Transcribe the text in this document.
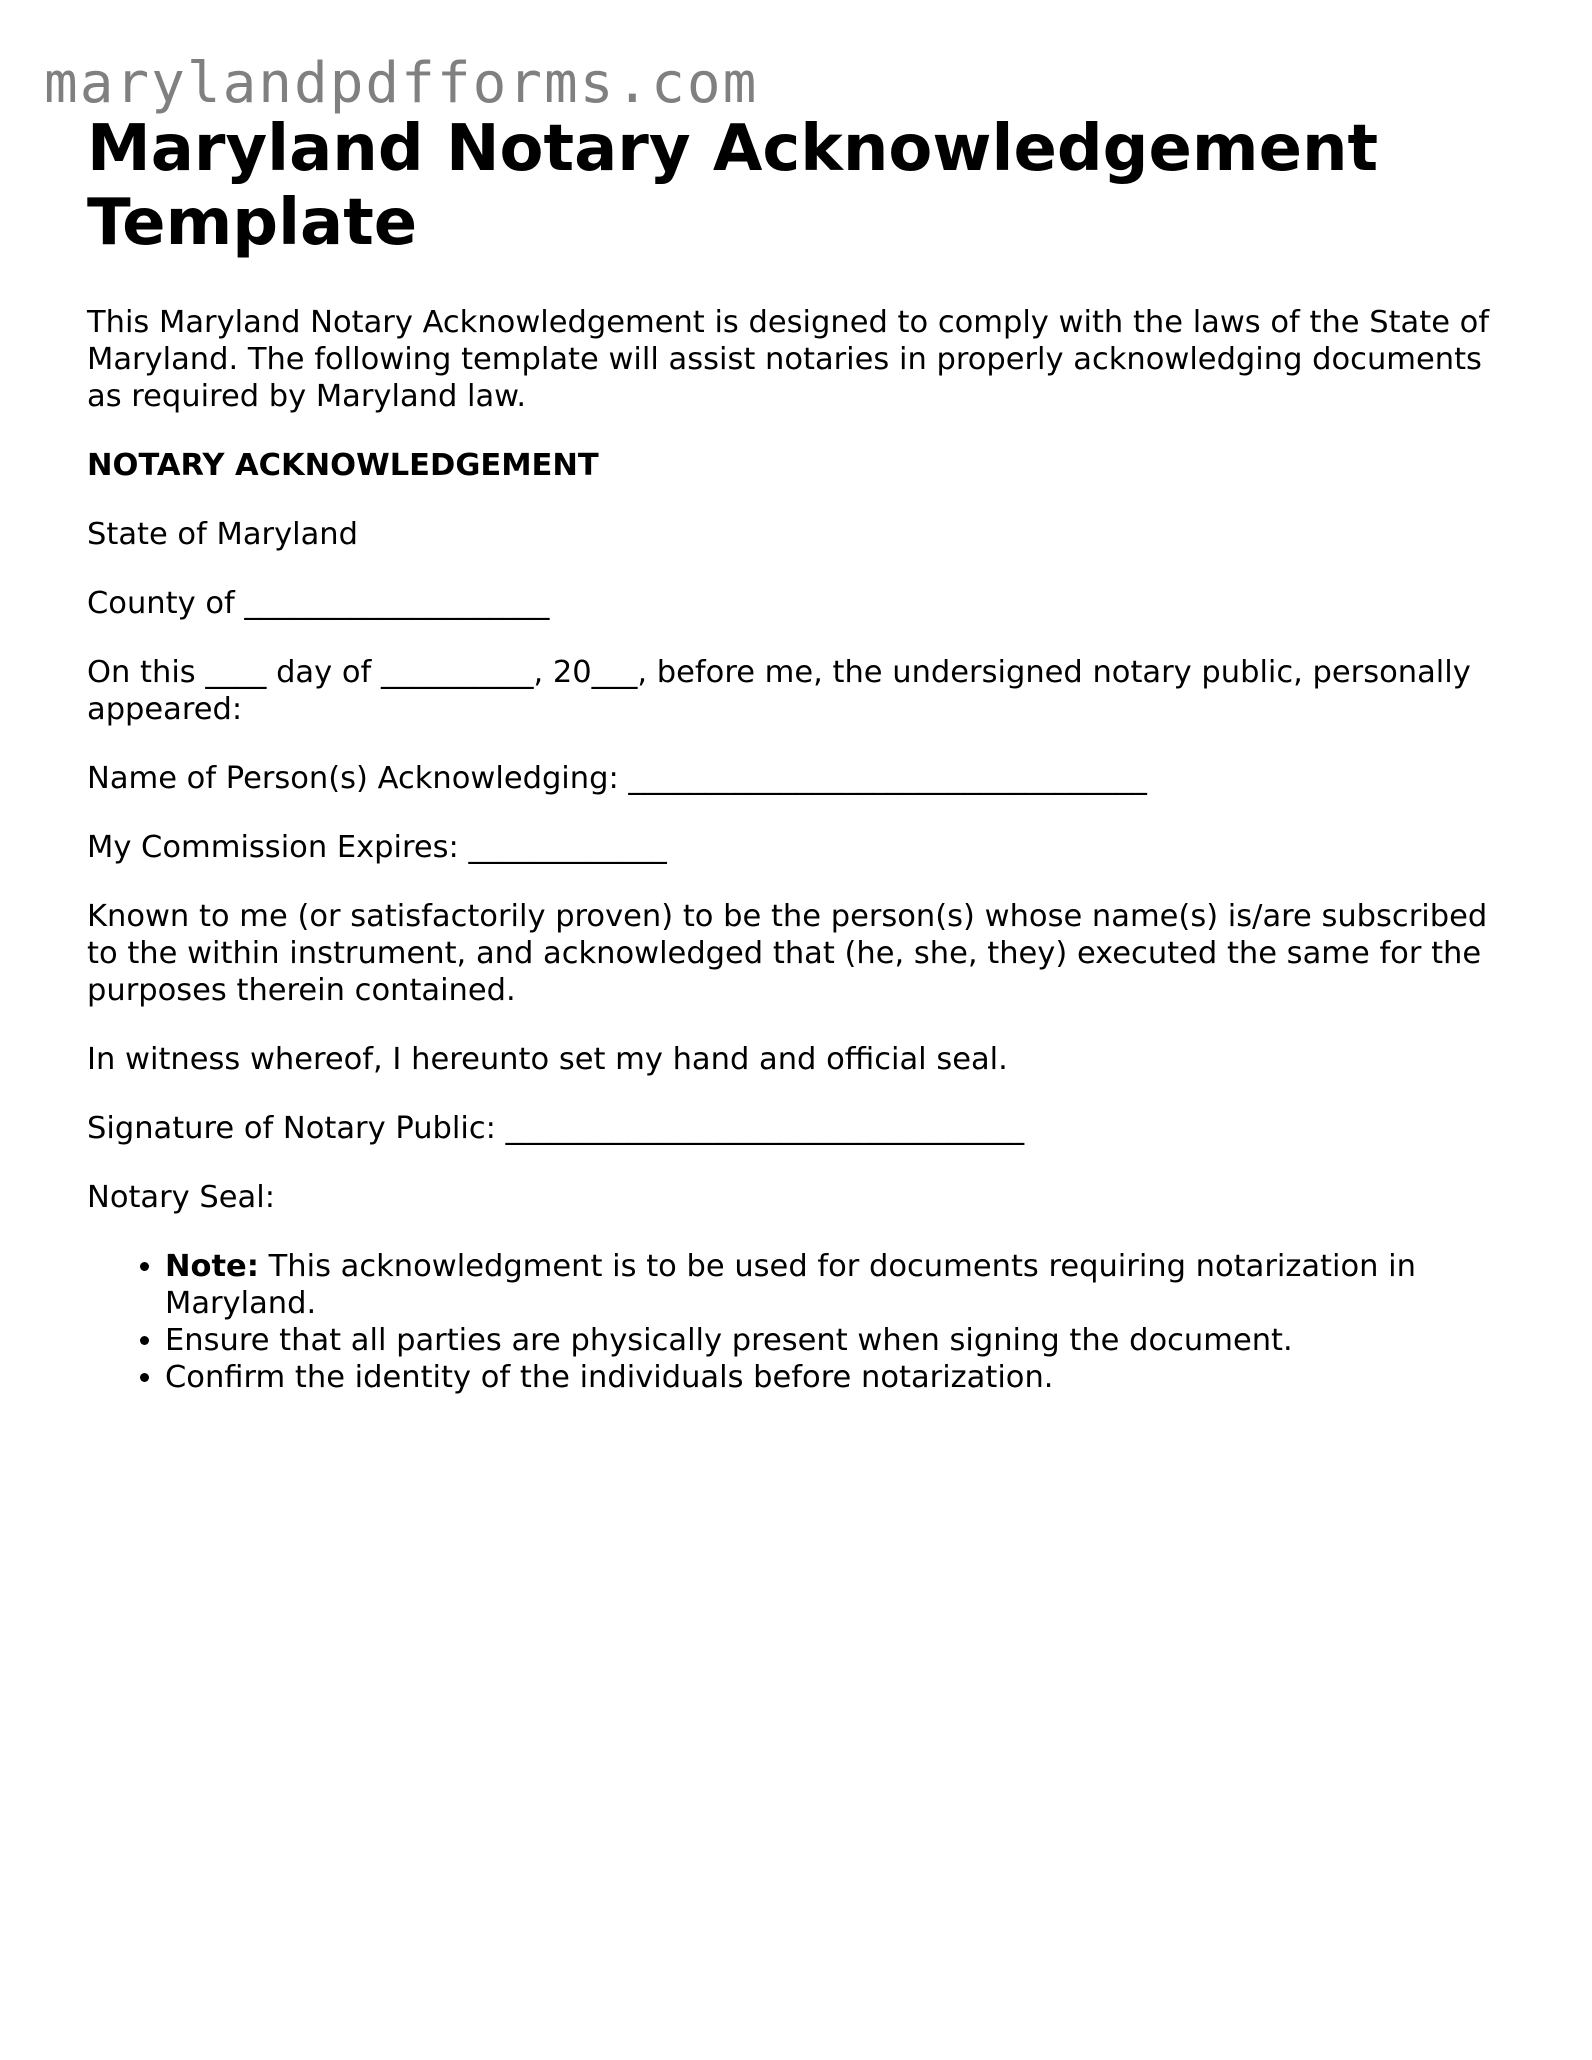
marylandpdfforms.com
Maryland Notary Acknowledgement Template

This Maryland Notary Acknowledgement is designed to comply with the laws of the State of Maryland. The following template will assist notaries in properly acknowledging documents as required by Maryland law.

NOTARY ACKNOWLEDGEMENT

State of Maryland

County of ____________________

On this ____ day of __________, 20___, before me, the undersigned notary public, personally appeared:

Name of Person(s) Acknowledging: __________________________________

My Commission Expires: _____________

Known to me (or satisfactorily proven) to be the person(s) whose name(s) is/are subscribed to the within instrument, and acknowledged that (he, she, they) executed the same for the purposes therein contained.

In witness whereof, I hereunto set my hand and official seal.

Signature of Notary Public: __________________________________

Notary Seal:

• Note: This acknowledgment is to be used for documents requiring notarization in Maryland.
• Ensure that all parties are physically present when signing the document.
• Confirm the identity of the individuals before notarization.
